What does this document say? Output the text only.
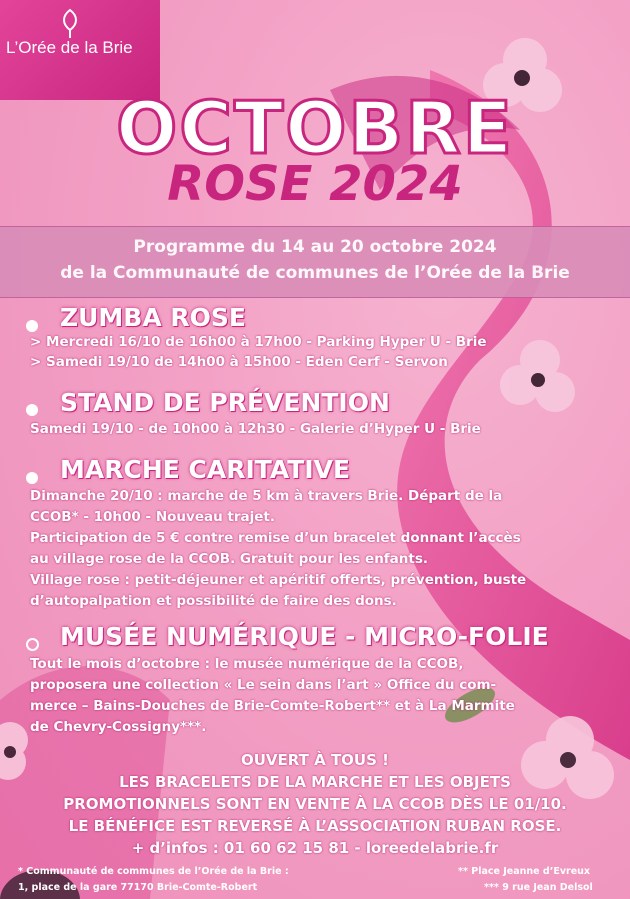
L’Orée de la Brie
OCTOBRE
ROSE 2024
Programme du 14 au 20 octobre 2024
de la Communauté de communes de l’Orée de la Brie
ZUMBA ROSE
> Mercredi 16/10 de 16h00 à 17h00 - Parking Hyper U - Brie
> Samedi 19/10 de 14h00 à 15h00 - Eden Cerf - Servon
STAND DE PRÉVENTION
Samedi 19/10 - de 10h00 à 12h30 - Galerie d’Hyper U - Brie
MARCHE CARITATIVE
Dimanche 20/10 : marche de 5 km à travers Brie. Départ de la
CCOB* - 10h00 - Nouveau trajet.
Participation de 5 € contre remise d’un bracelet donnant l’accès
au village rose de la CCOB. Gratuit pour les enfants.
Village rose : petit-déjeuner et apéritif offerts, prévention, buste
d’autopalpation et possibilité de faire des dons.
MUSÉE NUMÉRIQUE - MICRO-FOLIE
Tout le mois d’octobre : le musée numérique de la CCOB,
proposera une collection « Le sein dans l’art » Office du com-
merce – Bains-Douches de Brie-Comte-Robert** et à La Marmite
de Chevry-Cossigny***.
OUVERT À TOUS !
LES BRACELETS DE LA MARCHE ET LES OBJETS
PROMOTIONNELS SONT EN VENTE À LA CCOB DÈS LE 01/10.
LE BÉNÉFICE EST REVERSÉ À L’ASSOCIATION RUBAN ROSE.
+ d’infos : 01 60 62 15 81 - loreedelabrie.fr
* Communauté de communes de l’Orée de la Brie :
1, place de la gare 77170 Brie-Comte-Robert
** Place Jeanne d’Evreux
*** 9 rue Jean Delsol
